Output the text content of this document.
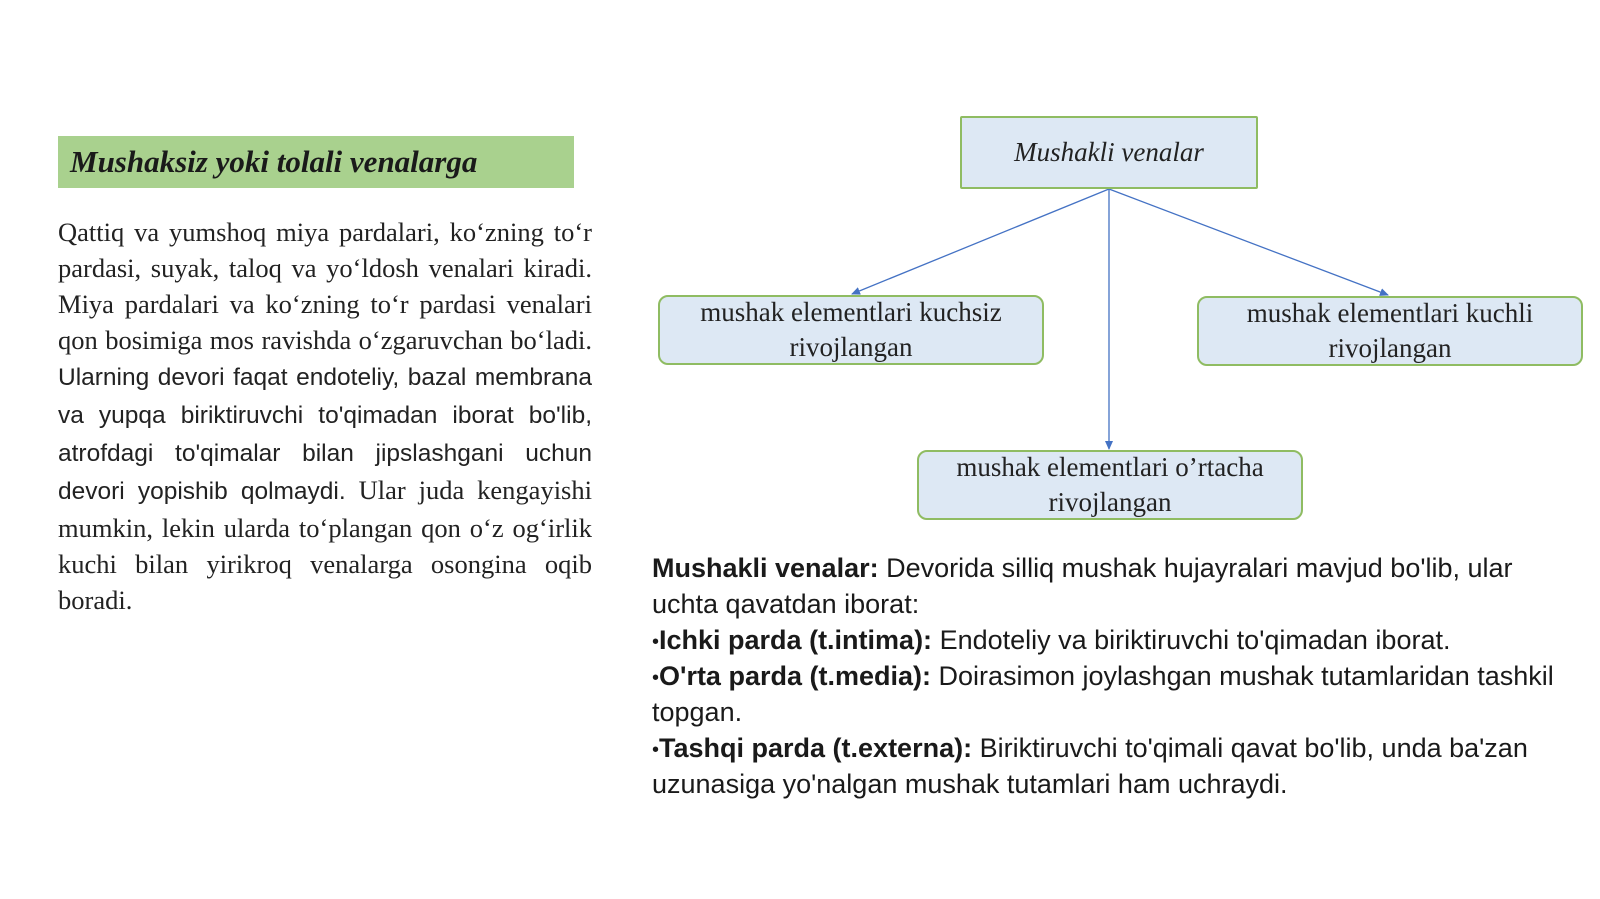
Mushaksiz yoki tolali venalarga
Qattiq va yumshoq miya pardalari, ko‘zning to‘r pardasi, suyak, taloq va yo‘ldosh venalari kiradi. Miya pardalari va ko‘zning to‘r pardasi venalari qon bosimiga mos ravishda o‘zgaruvchan bo‘ladi. Ularning devori faqat endoteliy, bazal membrana va yupqa biriktiruvchi to'qimadan iborat bo'lib, atrofdagi to'qimalar bilan jipslashgani uchun devori yopishib qolmaydi. Ular juda kengayishi mumkin, lekin ularda to‘plangan qon o‘z og‘irlik kuchi bilan yirikroq venalarga osongina oqib boradi.
Mushakli venalar
mushak elementlari kuchsiz rivojlangan
mushak elementlari kuchli rivojlangan
mushak elementlari o’rtacha rivojlangan

Mushakli venalar: Devorida silliq mushak hujayralari mavjud bo'lib, ular uchta qavatdan iborat:

•Ichki parda (t.intima): Endoteliy va biriktiruvchi to'qimadan iborat.

•O'rta parda (t.media): Doirasimon joylashgan mushak tutamlaridan tashkil topgan.

•Tashqi parda (t.externa): Biriktiruvchi to'qimali qavat bo'lib, unda ba'zan uzunasiga yo'nalgan mushak tutamlari ham uchraydi.
